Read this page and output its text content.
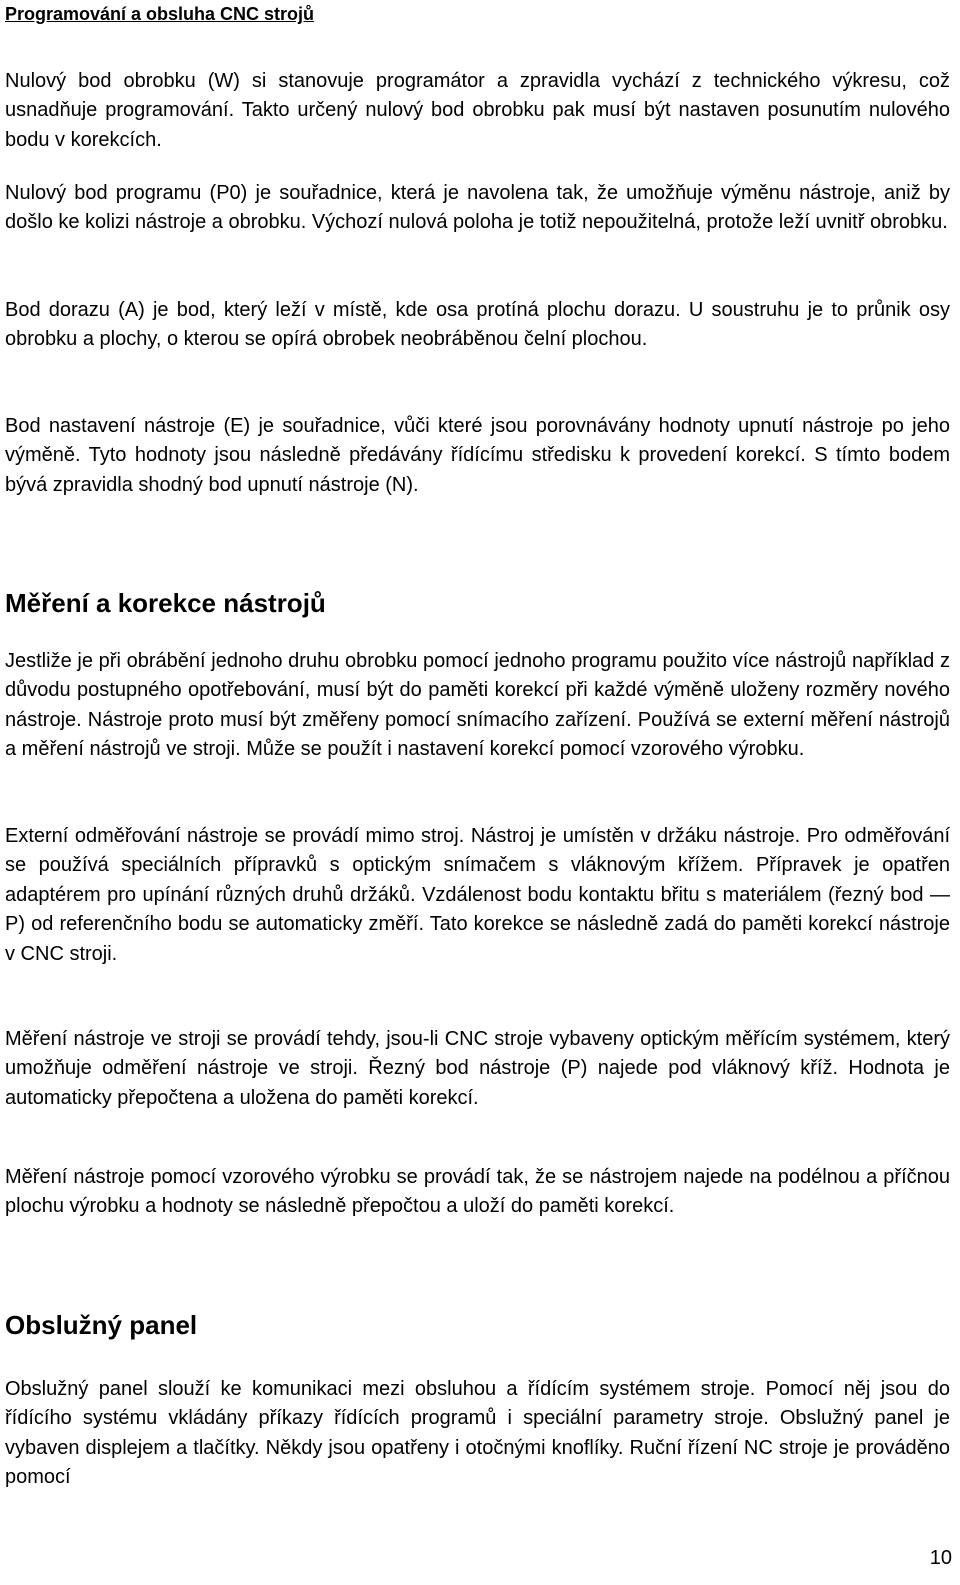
Programování a obsluha CNC strojů

Nulový bod obrobku (W) si stanovuje programátor a zpravidla vychází z technického výkresu, což usnadňuje programování. Takto určený nulový bod obrobku pak musí být nastaven posunutím nulového bodu v korekcích.

Nulový bod programu (P0) je souřadnice, která je navolena tak, že umožňuje výměnu nástroje, aniž by došlo ke kolizi nástroje a obrobku. Výchozí nulová poloha je totiž nepoužitelná, protože leží uvnitř obrobku.

Bod dorazu (A) je bod, který leží v místě, kde osa protíná plochu dorazu. U soustruhu je to průnik osy obrobku a plochy, o kterou se opírá obrobek neobráběnou čelní plochou.

Bod nastavení nástroje (E) je souřadnice, vůči které jsou porovnávány hodnoty upnutí nástroje po jeho výměně. Tyto hodnoty jsou následně předávány řídícímu středisku k provedení korekcí. S tímto bodem bývá zpravidla shodný bod upnutí nástroje (N).

Měření a korekce nástrojů

Jestliže je při obrábění jednoho druhu obrobku pomocí jednoho programu použito více nástrojů například z důvodu postupného opotřebování, musí být do paměti korekcí při každé výměně uloženy rozměry nového nástroje. Nástroje proto musí být změřeny pomocí snímacího zařízení. Používá se externí měření nástrojů a měření nástrojů ve stroji. Může se použít i nastavení korekcí pomocí vzorového výrobku.

Externí odměřování nástroje se provádí mimo stroj. Nástroj je umístěn v držáku nástroje. Pro odměřování se používá speciálních přípravků s optickým snímačem s vláknovým křížem. Přípravek je opatřen adaptérem pro upínání různých druhů držáků. Vzdálenost bodu kontaktu břitu s materiálem (řezný bod — P) od referenčního bodu se automaticky změří. Tato korekce se následně zadá do paměti korekcí nástroje v CNC stroji.

Měření nástroje ve stroji se provádí tehdy, jsou-li CNC stroje vybaveny optickým měřícím systémem, který umožňuje odměření nástroje ve stroji. Řezný bod nástroje (P) najede pod vláknový kříž. Hodnota je automaticky přepočtena a uložena do paměti korekcí.

Měření nástroje pomocí vzorového výrobku se provádí tak, že se nástrojem najede na podélnou a příčnou plochu výrobku a hodnoty se následně přepočtou a uloží do paměti korekcí.

Obslužný panel

Obslužný panel slouží ke komunikaci mezi obsluhou a řídícím systémem stroje. Pomocí něj jsou do řídícího systému vkládány příkazy řídících programů i speciální parametry stroje. Obslužný panel je vybaven displejem a tlačítky. Někdy jsou opatřeny i otočnými knoflíky. Ruční řízení NC stroje je prováděno pomocí

10
